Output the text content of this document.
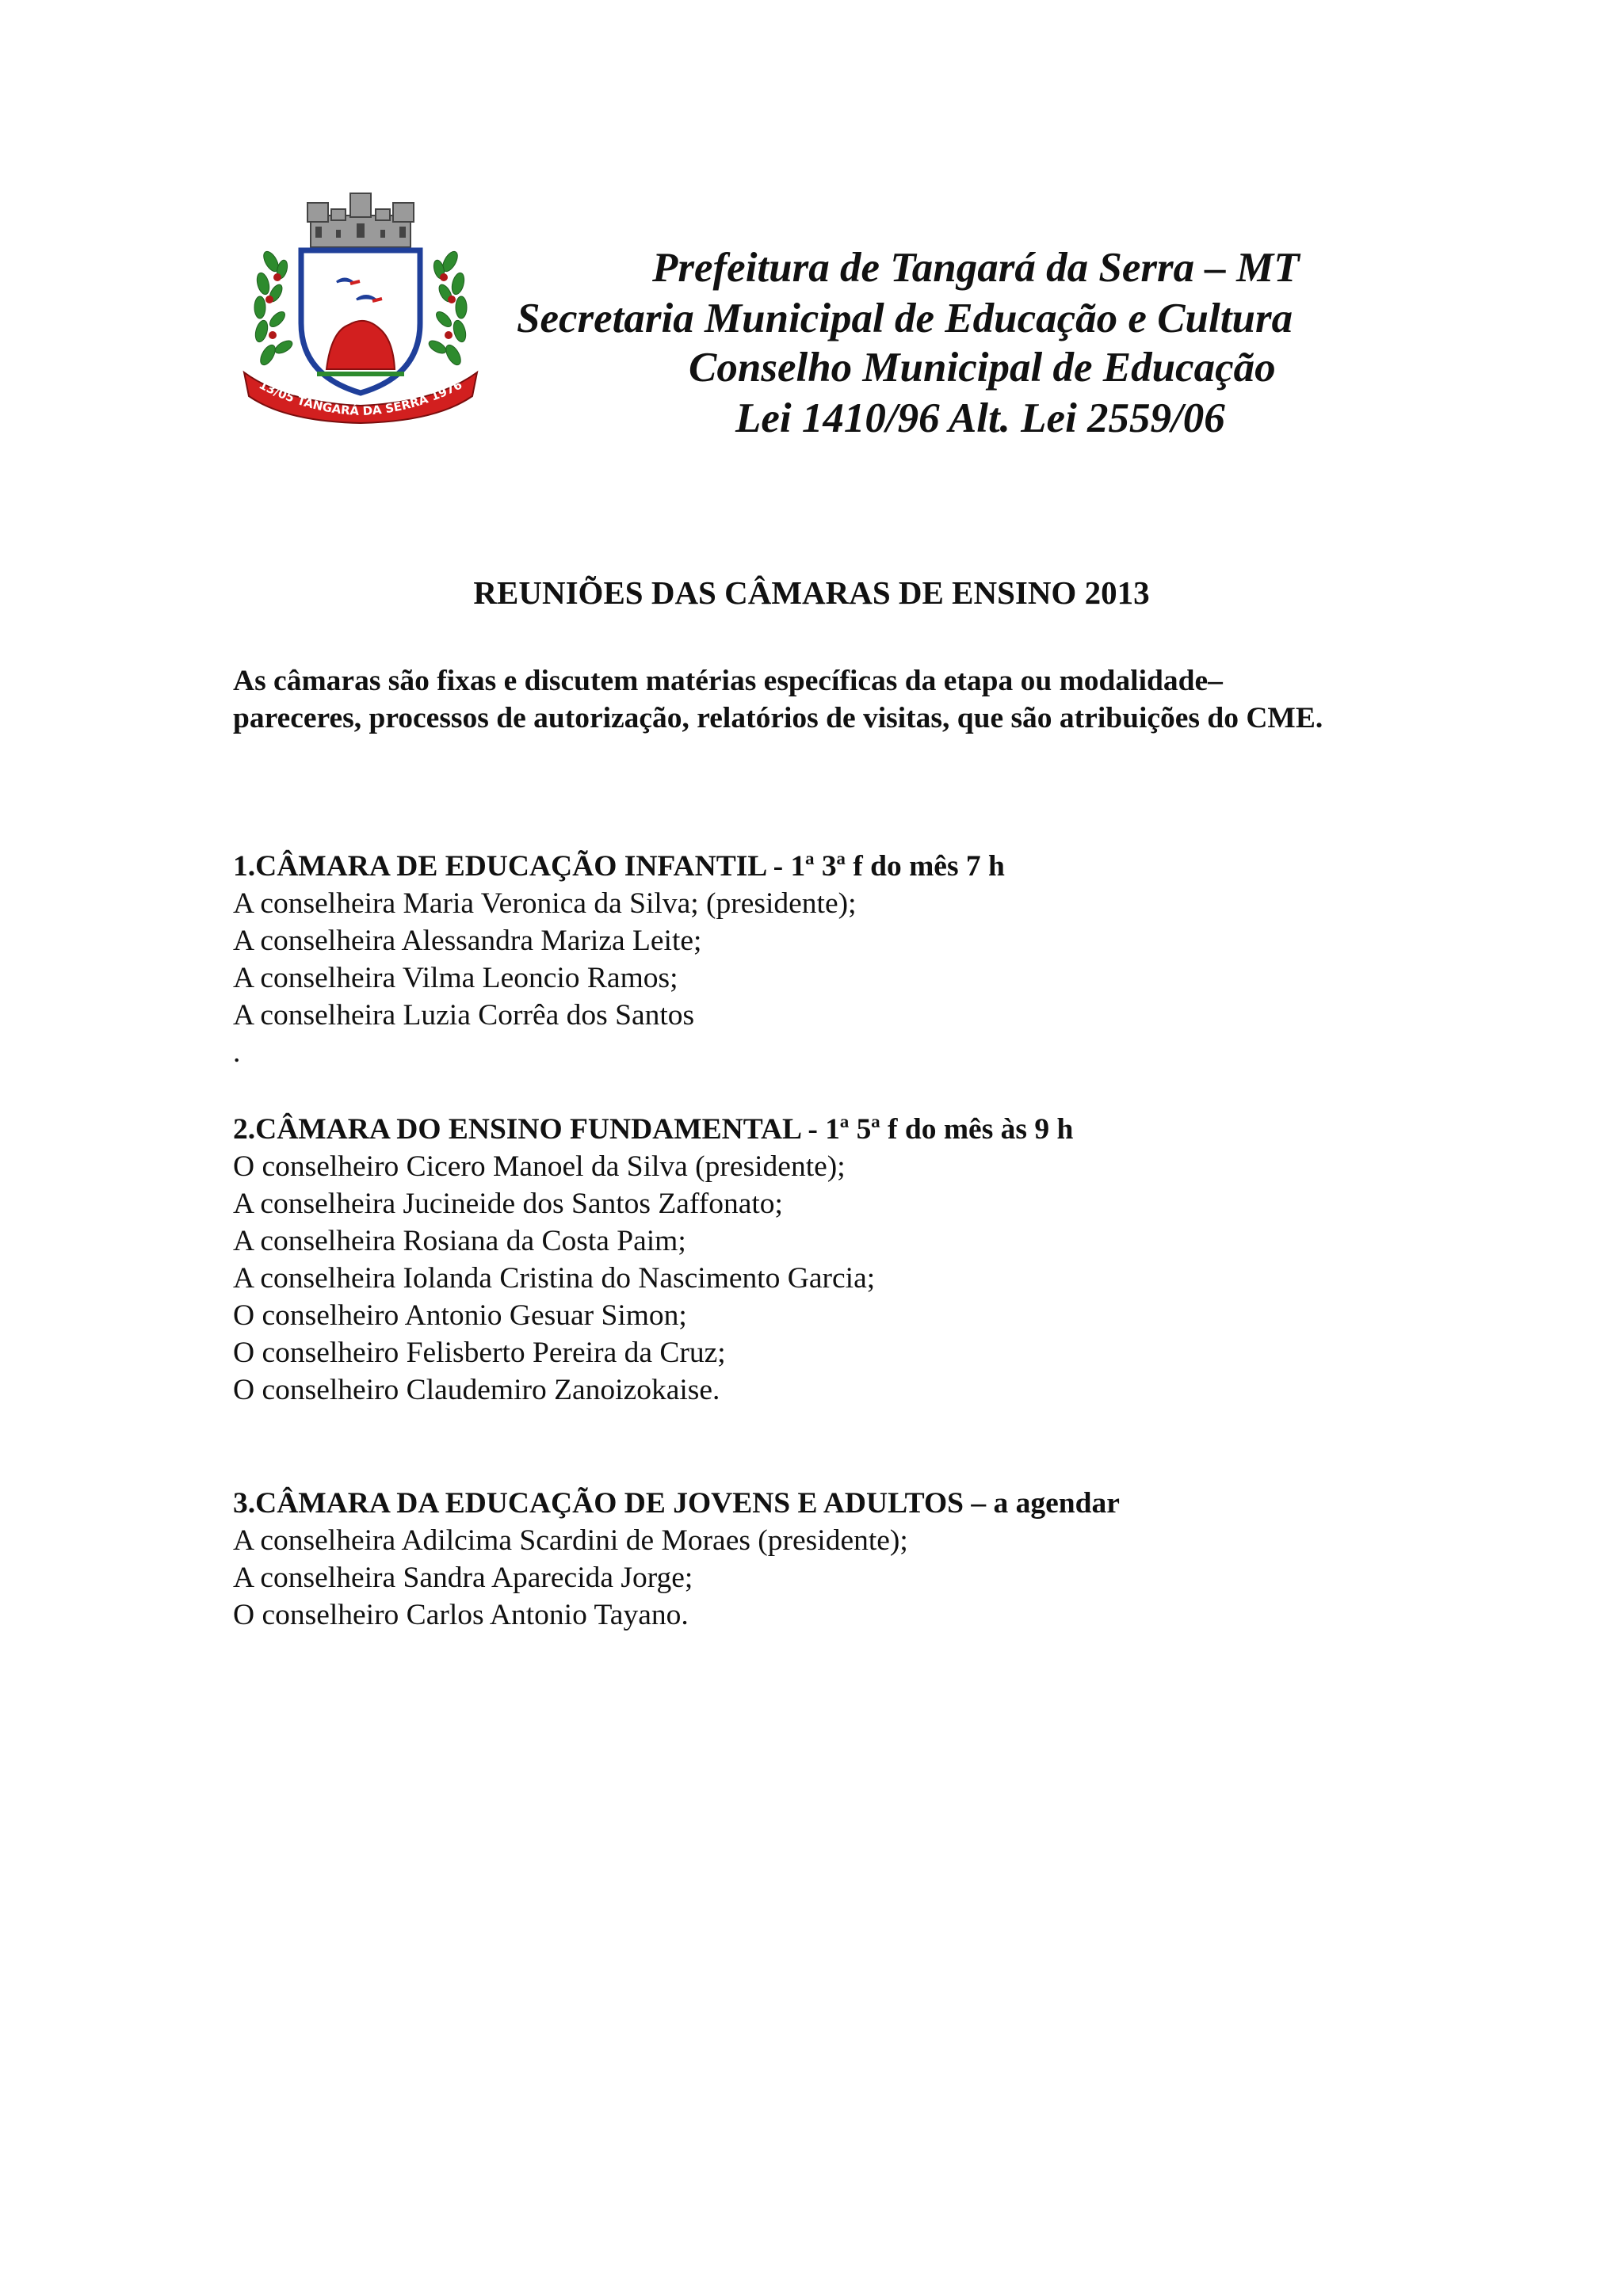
13/05 TANGARÁ DA SERRA 1976
Prefeitura de Tangará da Serra – MT
Secretaria Municipal de Educação e Cultura
Conselho Municipal de Educação
Lei 1410/96 Alt. Lei 2559/06
REUNIÕES DAS CÂMARAS DE ENSINO 2013

As câmaras são fixas e discutem matérias específicas da etapa ou modalidade– pareceres, processos de autorização, relatórios de visitas, que são atribuições do CME.

1.CÂMARA DE EDUCAÇÃO INFANTIL - 1ª 3ª f do mês 7 h
A conselheira Maria Veronica da Silva; (presidente);
A conselheira Alessandra Mariza Leite;
A conselheira Vilma Leoncio Ramos;
A conselheira Luzia Corrêa dos Santos
.
2.CÂMARA DO ENSINO FUNDAMENTAL - 1ª 5ª f do mês às 9 h
O conselheiro Cicero Manoel da Silva (presidente);
A conselheira Jucineide dos Santos Zaffonato;
A conselheira Rosiana da Costa Paim;
A conselheira Iolanda Cristina do Nascimento Garcia;
O conselheiro Antonio Gesuar Simon;
O conselheiro Felisberto Pereira da Cruz;
O conselheiro Claudemiro Zanoizokaise.
3.CÂMARA DA EDUCAÇÃO DE JOVENS E ADULTOS – a agendar
A conselheira Adilcima Scardini de Moraes (presidente);
A conselheira Sandra Aparecida Jorge;
O conselheiro Carlos Antonio Tayano.
